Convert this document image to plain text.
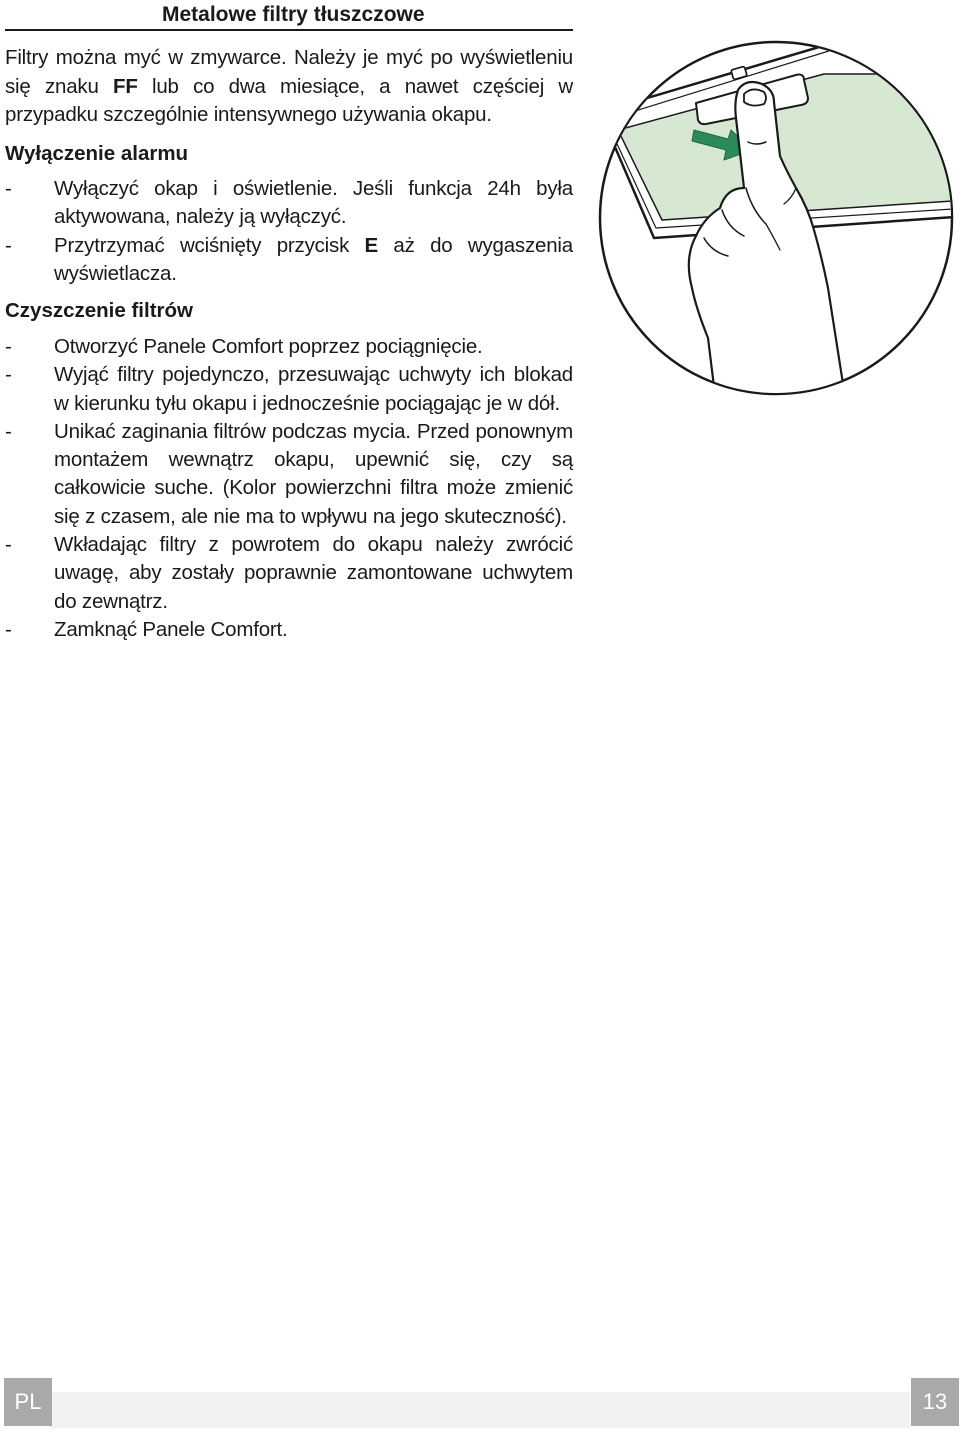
Metalowe filtry tłuszczowe
Filtry można myć w zmywarce. Należy je myć po wyświetleniu się znaku FF lub co dwa miesiące, a nawet częściej w przypadku szczególnie intensywnego używania okapu.
Wyłączenie alarmu
- Wyłączyć okap i oświetlenie. Jeśli funkcja 24h była aktywowana, należy ją wyłączyć.
- Przytrzymać wciśnięty przycisk E aż do wygaszenia wyświetlacza.
Czyszczenie filtrów
- Otworzyć Panele Comfort poprzez pociągnięcie.
- Wyjąć filtry pojedynczo, przesuwając uchwyty ich blokad w kierunku tyłu okapu i jednocześnie pociągając je w dół.
- Unikać zaginania filtrów podczas mycia. Przed ponownym montażem wewnątrz okapu, upewnić się, czy są całkowicie suche. (Kolor powierzchni filtra może zmienić się z czasem, ale nie ma to wpływu na jego skuteczność).
- Wkładając filtry z powrotem do okapu należy zwrócić uwagę, aby zostały poprawnie zamontowane uchwytem do zewnątrz.
- Zamknąć Panele Comfort.
PL	13
